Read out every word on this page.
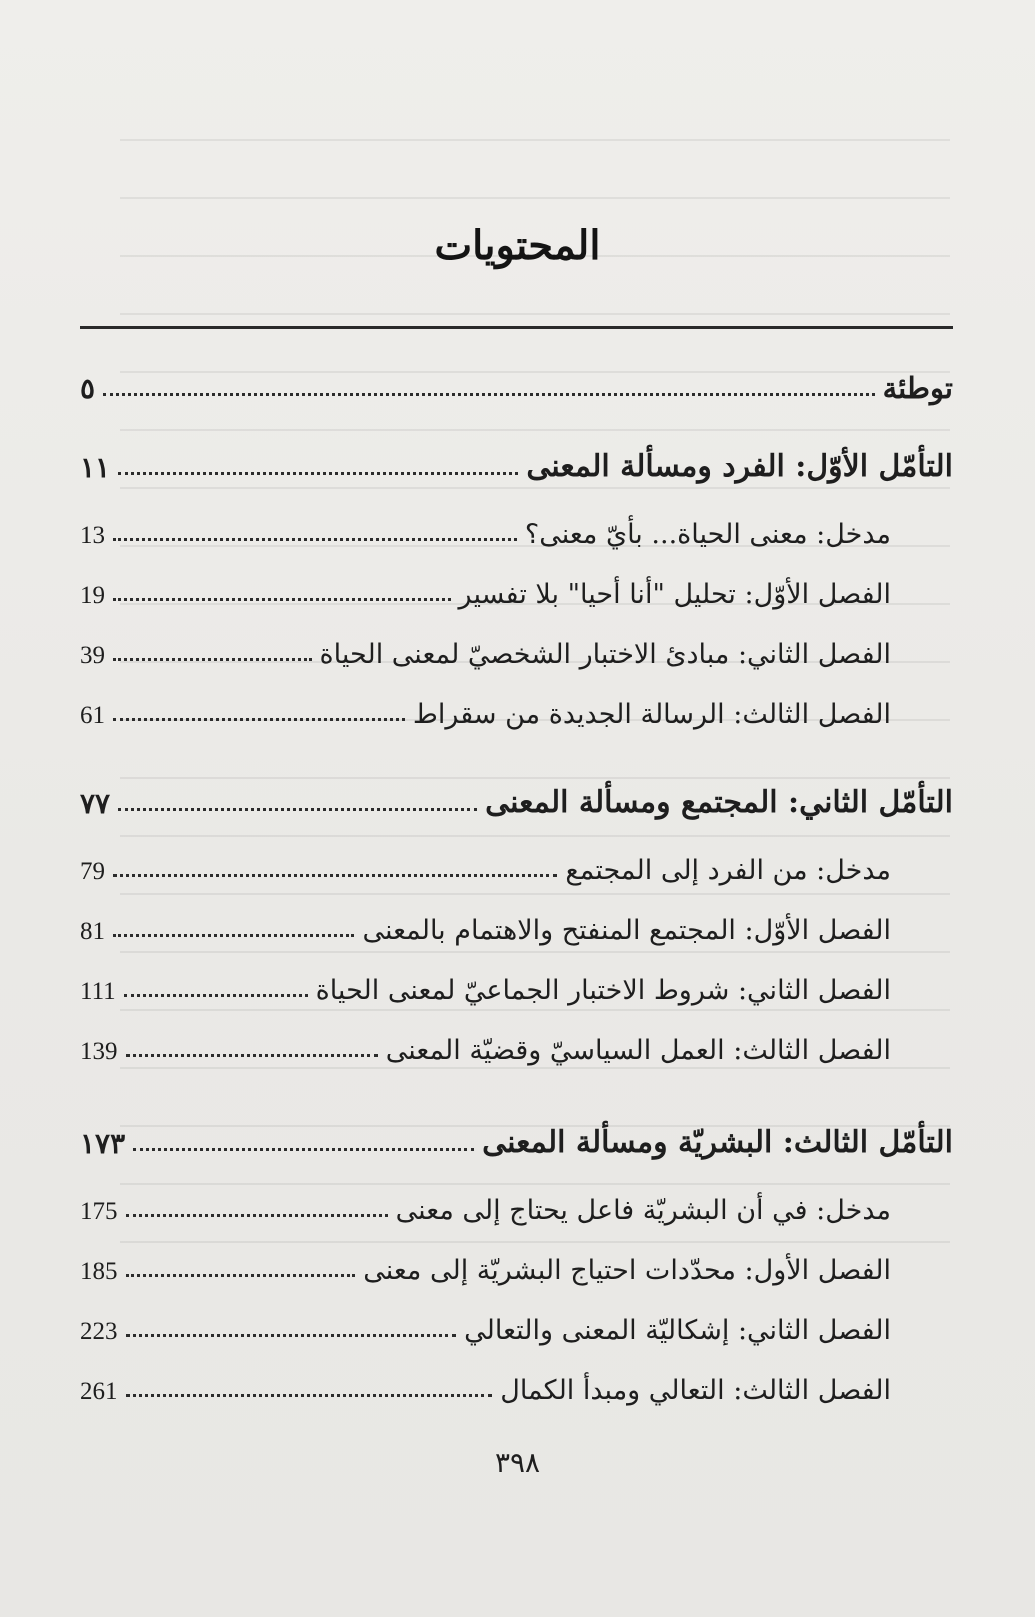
المحتويات
توطئة
٥
التأمّل الأوّل: الفرد ومسألة المعنى
١١
مدخل: معنى الحياة... بأيّ معنى؟
13
الفصل الأوّل: تحليل "أنا أحيا" بلا تفسير
19
الفصل الثاني: مبادئ الاختبار الشخصيّ لمعنى الحياة
39
الفصل الثالث: الرسالة الجديدة من سقراط
61
التأمّل الثاني: المجتمع ومسألة المعنى
٧٧
مدخل: من الفرد إلى المجتمع
79
الفصل الأوّل: المجتمع المنفتح والاهتمام بالمعنى
81
الفصل الثاني: شروط الاختبار الجماعيّ لمعنى الحياة
111
الفصل الثالث: العمل السياسيّ وقضيّة المعنى
139
التأمّل الثالث: البشريّة ومسألة المعنى
١٧٣
مدخل: في أن البشريّة فاعل يحتاج إلى معنى
175
الفصل الأول: محدّدات احتياج البشريّة إلى معنى
185
الفصل الثاني: إشكاليّة المعنى والتعالي
223
الفصل الثالث: التعالي ومبدأ الكمال
261
٣٩٨
